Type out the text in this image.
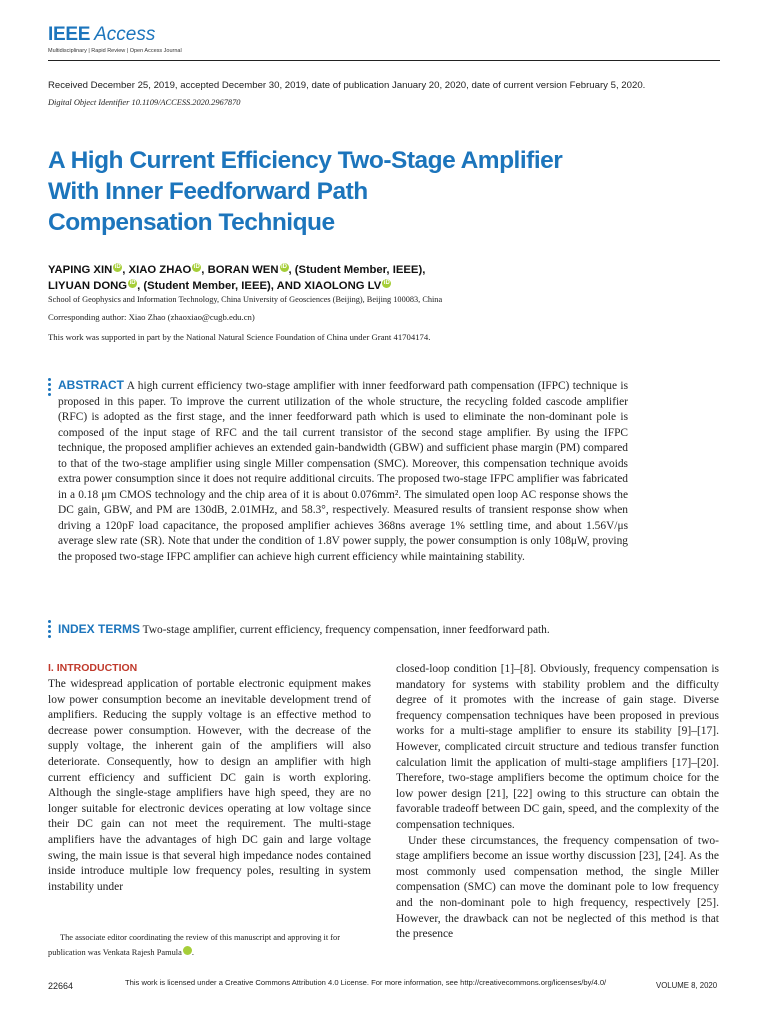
IEEE Access
Multidisciplinary | Rapid Review | Open Access Journal
Received December 25, 2019, accepted December 30, 2019, date of publication January 20, 2020, date of current version February 5, 2020.
Digital Object Identifier 10.1109/ACCESS.2020.2967870
A High Current Efficiency Two-Stage Amplifier
With Inner Feedforward Path
Compensation Technique
YAPING XIN iD , XIAO ZHAO iD , BORAN WEN iD , (Student Member, IEEE),
LIYUAN DONG iD , (Student Member, IEEE), AND XIAOLONG LV iD
School of Geophysics and Information Technology, China University of Geosciences (Beijing), Beijing 100083, China
Corresponding author: Xiao Zhao (zhaoxiao@cugb.edu.cn)
This work was supported in part by the National Natural Science Foundation of China under Grant 41704174.
ABSTRACT A high current efficiency two-stage amplifier with inner feedforward path compensation (IFPC) technique is proposed in this paper. To improve the current utilization of the whole structure, the recycling folded cascode amplifier (RFC) is adopted as the first stage, and the inner feedforward path which is used to eliminate the non-dominant pole is composed of the input stage of RFC and the tail current transistor of the second stage amplifier. By using the IFPC technique, the proposed amplifier achieves an extended gain-bandwidth (GBW) and sufficient phase margin (PM) compared to that of the two-stage amplifier using single Miller compensation (SMC). Moreover, this compensation technique avoids extra power consumption since it does not require additional circuits. The proposed two-stage IFPC amplifier was fabricated in a 0.18 μm CMOS technology and the chip area of it is about 0.076mm². The simulated open loop AC response shows the DC gain, GBW, and PM are 130dB, 2.01MHz, and 58.3°, respectively. Measured results of transient response show when driving a 120pF load capacitance, the proposed amplifier achieves 368ns average 1% settling time, and about 1.56V/μs average slew rate (SR). Note that under the condition of 1.8V power supply, the power consumption is only 108μW, proving the proposed two-stage IFPC amplifier can achieve high current efficiency while maintaining stability.
INDEX TERMS Two-stage amplifier, current efficiency, frequency compensation, inner feedforward path.
I. INTRODUCTION
The widespread application of portable electronic equipment makes low power consumption become an inevitable development trend of amplifiers. Reducing the supply voltage is an effective method to decrease power consumption. However, with the decrease of the supply voltage, the inherent gain of the amplifiers will also deteriorate. Consequently, how to design an amplifier with high current efficiency and sufficient DC gain is worth exploring. Although the single-stage amplifiers have high speed, they are no longer suitable for electronic devices operating at low voltage since their DC gain can not meet the requirement. The multi-stage amplifiers have the advantages of high DC gain and large voltage swing, the main issue is that several high impedance nodes contained inside introduce multiple low frequency poles, resulting in system instability under
closed-loop condition [1]–[8]. Obviously, frequency compensation is mandatory for systems with stability problem and the difficulty degree of it promotes with the increase of gain stage. Diverse frequency compensation techniques have been proposed in previous works for a multi-stage amplifier to ensure its stability [9]–[17]. However, complicated circuit structure and tedious transfer function calculation limit the application of multi-stage amplifiers [17]–[20]. Therefore, two-stage amplifiers become the optimum choice for the low power design [21], [22] owing to this structure can obtain the favorable tradeoff between DC gain, speed, and the complexity of the compensation techniques.
Under these circumstances, the frequency compensation of two-stage amplifiers become an issue worthy discussion [23], [24]. As the most commonly used compensation method, the single Miller compensation (SMC) can move the dominant pole to low frequency and the non-dominant pole to high frequency, respectively [25]. However, the drawback can not be neglected of this method is that the presence
The associate editor coordinating the review of this manuscript and approving it for publication was Venkata Rajesh Pamula iD.
22664	This work is licensed under a Creative Commons Attribution 4.0 License. For more information, see http://creativecommons.org/licenses/by/4.0/	VOLUME 8, 2020
